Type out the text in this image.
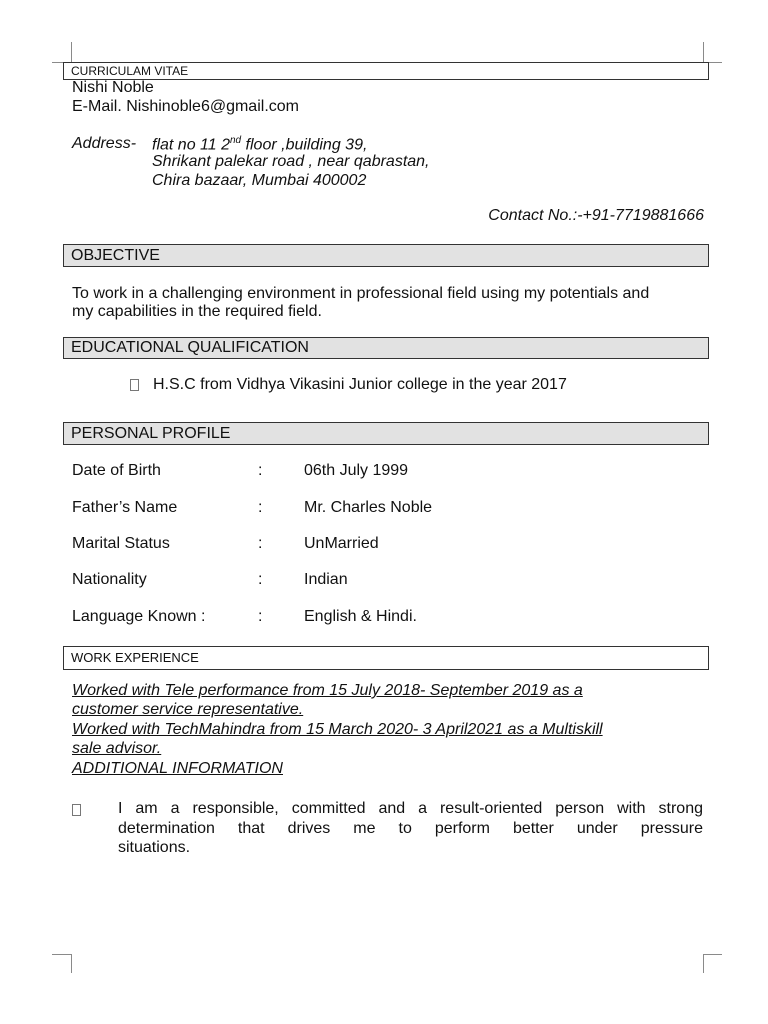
CURRICULAM VITAE
Nishi Noble
E-Mail. Nishinoble6@gmail.com
Address- flat no 11 2nd floor ,building 39,
Shrikant palekar road , near qabrastan,
Chira bazaar, Mumbai 400002
Contact No.:-+91-7719881666
OBJECTIVE
To work in a challenging environment in professional field using my potentials and
my capabilities in the required field.
EDUCATIONAL QUALIFICATION
H.S.C from Vidhya Vikasini Junior college in the year 2017
PERSONAL PROFILE
Date of Birth	:	06th July 1999
Father’s Name	:	Mr. Charles Noble
Marital Status	:	UnMarried
Nationality	:	Indian
Language Known :	:	English & Hindi.
WORK EXPERIENCE
Worked with Tele performance from 15 July 2018- September 2019 as a
customer service representative.
Worked with TechMahindra from 15 March 2020- 3 April2021 as a Multiskill
sale advisor.
ADDITIONAL INFORMATION
I am a responsible, committed and a result-oriented person with strong
determination that drives me to perform better under pressure
situations.
